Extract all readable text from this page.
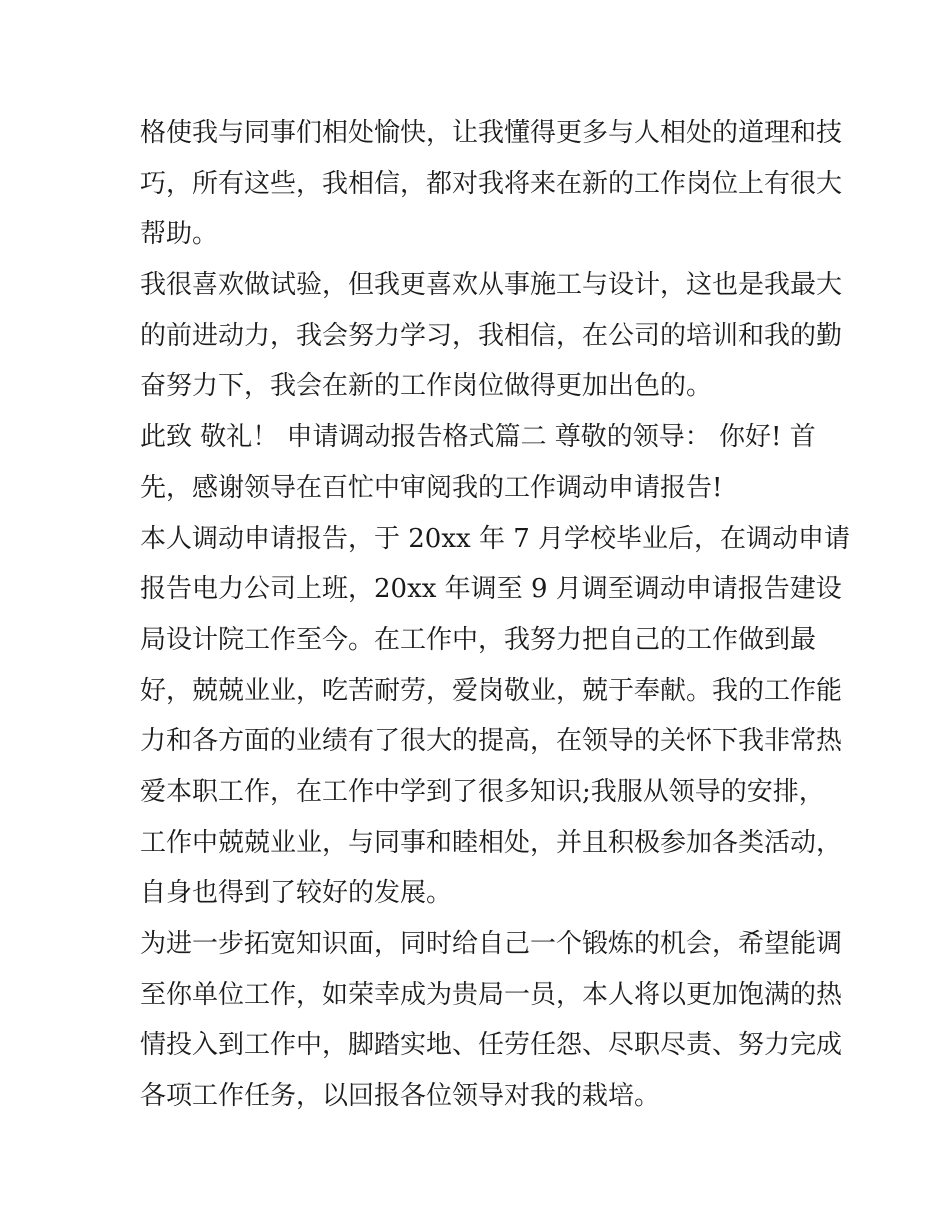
格使我与同事们相处愉快，让我懂得更多与人相处的道理和技
巧，所有这些，我相信，都对我将来在新的工作岗位上有很大
帮助。
我很喜欢做试验，但我更喜欢从事施工与设计，这也是我最大
的前进动力，我会努力学习，我相信，在公司的培训和我的勤
奋努力下，我会在新的工作岗位做得更加出色的。
此致 敬礼！ 申请调动报告格式篇二 尊敬的领导： 你好! 首
先，感谢领导在百忙中审阅我的工作调动申请报告!
本人调动申请报告，于 20xx 年 7 月学校毕业后，在调动申请
报告电力公司上班，20xx 年调至 9 月调至调动申请报告建设
局设计院工作至今。在工作中，我努力把自己的工作做到最
好，兢兢业业，吃苦耐劳，爱岗敬业，兢于奉献。我的工作能
力和各方面的业绩有了很大的提高，在领导的关怀下我非常热
爱本职工作，在工作中学到了很多知识;我服从领导的安排，
工作中兢兢业业，与同事和睦相处，并且积极参加各类活动，
自身也得到了较好的发展。
为进一步拓宽知识面，同时给自己一个锻炼的机会，希望能调
至你单位工作，如荣幸成为贵局一员，本人将以更加饱满的热
情投入到工作中，脚踏实地、任劳任怨、尽职尽责、努力完成
各项工作任务，以回报各位领导对我的栽培。
